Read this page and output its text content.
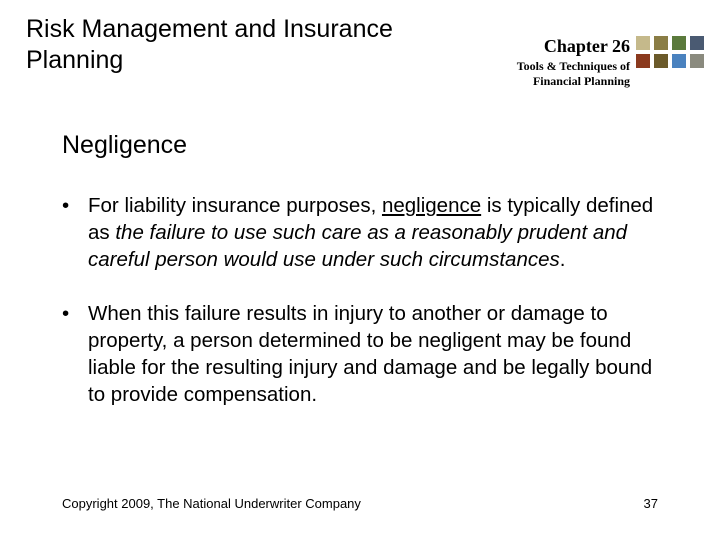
Risk Management and Insurance Planning	Chapter 26
Tools & Techniques of
Financial Planning
Negligence
• For liability insurance purposes, negligence is typically defined as the failure to use such care as a reasonably prudent and careful person would use under such circumstances.
• When this failure results in injury to another or damage to property, a person determined to be negligent may be found liable for the resulting injury and damage and be legally bound to provide compensation.
Copyright 2009, The National Underwriter Company	37
